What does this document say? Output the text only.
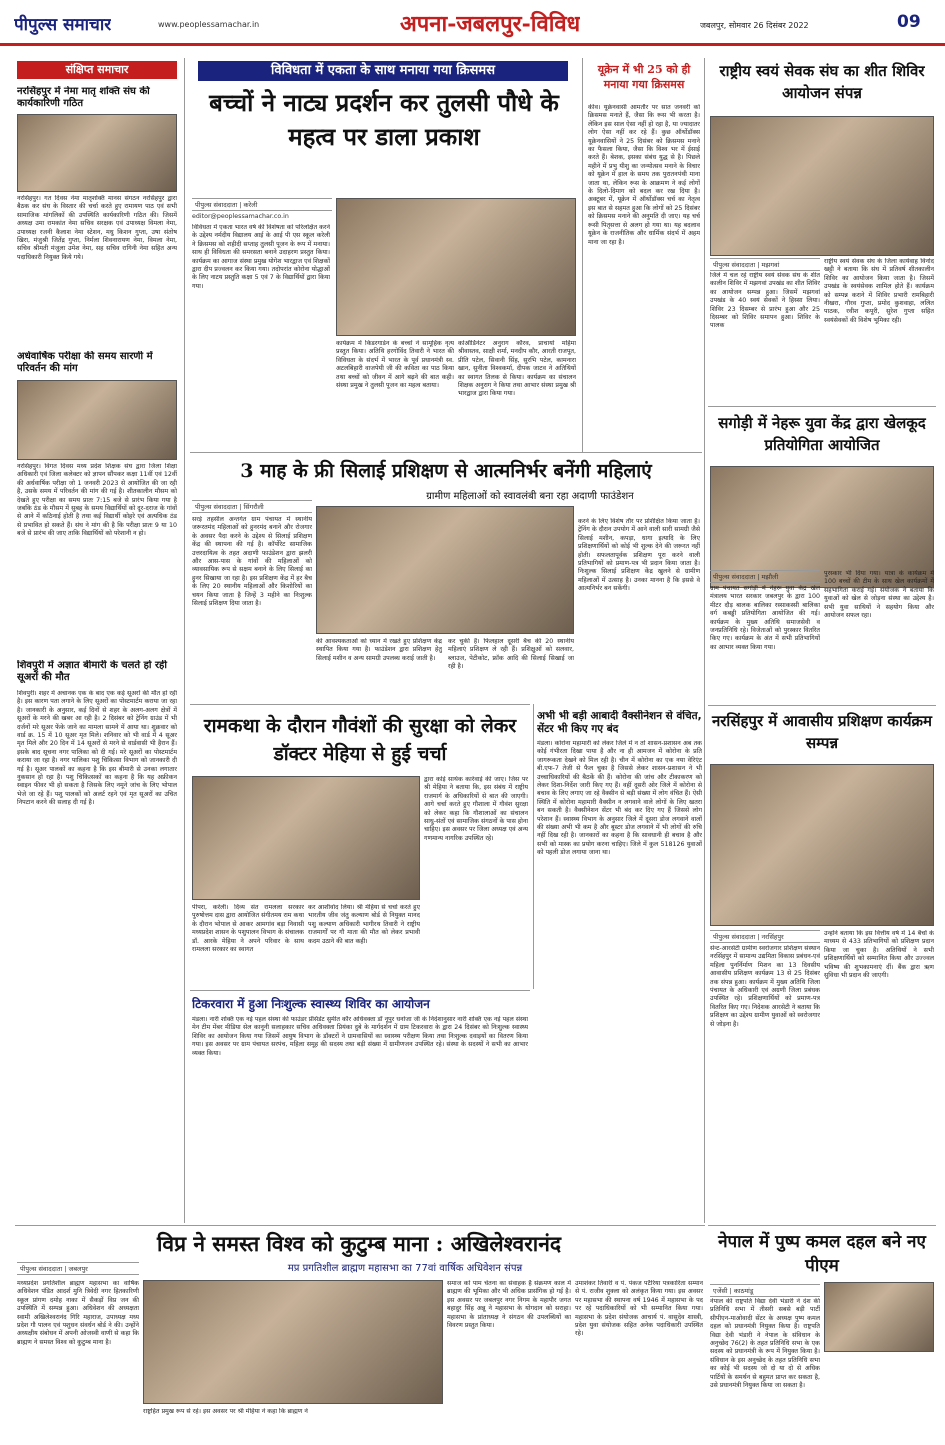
पीपुल्स समाचार	www.peoplessamachar.in	अपना-जबलपुर-विविध	जबलपुर, सोमवार 26 दिसंबर 2022	09
संक्षिप्त समाचार
नरसिंहपुर में नेमा मातृ शक्ति संघ की कार्यकारिणी गठित
नरसिंहपुर। गत दिवस नेमा मातृशक्ति मानस संगठन नरसिंहपुर द्वारा बैठक कर संघ के विस्तार की चर्चा करते हुए रामायण पाठ एवं सभी सामाजिक मांगलिकों की उपस्थिति कार्यकारिणी गठित की। जिसमें अध्यक्ष उमा रामकांत नेमा सचिव सरक्षक एवं उपाध्यक्ष विमला नेमा, उपाध्यक्ष रजनी कैलाश नेमा स्टेशन, मधु किशन गुप्ता, उषा संतोष खिरा, मंजुश्री जितेंद्र गुप्ता, निर्मला शिवनारायण नेमा, विमला नेमा, सचिव श्रीमती मंजुला उमेश नेमा, सह सचिव रागिनी नेमा सहित अन्य पदाधिकारी नियुक्त किये गये।
अर्धवार्षिक परीक्षा की समय सारणी में परिवर्तन की मांग
नरसिंहपुर। विगत दिवस मध्य प्रदेश शिक्षक संघ द्वारा जिला शिक्षा अधिकारी एवं जिला कलेक्टर को ज्ञापन सौंपकर कक्षा 11वीं एवं 12वीं की अर्धवार्षिक परीक्षा जो 1 जनवरी 2023 से आयोजित की जा रही है, उसके समय में परिवर्तन की मांग की गई है। शीतकालीन मौसम को देखते हुए परीक्षा का समय प्रातः 7:15 बजे से प्रारंभ किया गया है जबकि ठंड के मौसम में सुबह के समय विद्यार्थियों को दूर-दराज के गांवों से आने में कठिनाई होती है तथा कई विद्यार्थी कोहरे एवं अत्यधिक ठंड से प्रभावित हो सकते हैं। संघ ने मांग की है कि परीक्षा प्रातः 9 या 10 बजे से प्रारंभ की जाए ताकि विद्यार्थियों को परेशानी न हो।
शिवपुरी में अज्ञात बीमारी के चलते हो रही सूअरों की मौत
शिवपुरी। शहर में अचानक एक के बाद एक कई सूअरों की मौत हो रही है। इस कारण पता लगाने के लिए सूअरों का पोस्टमार्टम कराया जा रहा है। जानकारी के अनुसार, कई दिनों से शहर के अलग-अलग क्षेत्रों में सूअरों के मरने की खबर आ रही है। 2 दिसंबर को ट्रेनिंग ग्राउंड में भी दर्जनों मरे सूअर फेंके जाने का मामला सामने में आया था। शुक्रवार को वार्ड क्र. 15 में 10 सूअर मृत मिले। शनिवार को भी वार्ड में 4 सूअर मृत मिले और 20 दिन में 14 सूअरों से मरने से वार्डवासी भी हैरान हैं। इसके बाद सूचना नगर पालिका को दी गई। मरे सूअरों का पोस्टमार्टम कराया जा रहा है। नगर पालिका पशु चिकित्सा विभाग को जानकारी दी गई है। सूअर पालकों का कहना है कि इस बीमारी से उनका लगातार नुकसान हो रहा है। पशु चिकित्सकों का कहना है कि यह अफ्रीकन स्वाइन फीवर भी हो सकता है जिसके लिए नमूने जांच के लिए भोपाल भेजे जा रहे हैं। पशु पालकों को अलर्ट रहने एवं मृत सूअरों का उचित निपटान करने की सलाह दी गई है।
विविधता में एकता के साथ मनाया गया क्रिसमस
बच्चों ने नाट्य प्रदर्शन कर तुलसी पौधे के महत्व पर डाला प्रकाश
पीपुल्स संवाददाता | करेली
editor@peoplessamachar.co.in
विविधता में एकता भारत वर्ष की विशेषता को परिलक्षित करने के उद्देश्य नर्मदीय विद्यालय आई के आई पी एस स्कूल करेली ने क्रिसमस को शहीदी सप्ताह तुलसी पूजन के रूप में मनाया। साथ ही विविधता की समरसता बनाने उदाहरण प्रस्तुत किया। कार्यक्रम का आगाज संस्था प्रमुख योगेश भारद्वाज एवं शिक्षकों द्वारा दीप प्रज्वलन कर किया गया। तदोपरांत कोरोना योद्धाओं के लिए नाटय प्रस्तुति कक्षा 5 एवं 7 के विद्यार्थियों द्वारा किया गया।
कार्यक्रम में किंडरगार्डन के बच्चों ने सामूहिक नृत्य प्रस्तुत किया। अतिथि हरगोविंद तिवारी ने भारत की विविधता के संदर्भ में भारत के पूर्व प्रधानमंत्री स्व. अटलबिहारी वाजपेयी जी की कविता का पाठ किया तथा बच्चों को जीवन में आगे बढ़ने की बात कही। संस्था प्रमुख ने तुलसी पूजन का महत्व बताया।
कोऑर्डिनेटर अनुराग कौरव, प्राचार्या महिमा श्रीवास्तव, साक्षी शर्मा, मनदीप कौर, आरती राजपूत, प्रीति पटेल, सिवानी सिंह, सुरभि पटेल, कामनारा खान, सुनीता विश्वकर्मा, दीपक जाटव ने अतिथियों का स्वागत तिलक से किया। कार्यक्रम का संचालन शिक्षक अनुराग ने किया तथा आभार संस्था प्रमुख श्री भारद्वाज द्वारा किया गया।
यूक्रेन में भी 25 को ही मनाया गया क्रिसमस
कीव। यूक्रेनवासी आमतौर पर सात जनवरी को क्रिसमस मनाते हैं, जैसा कि रूस भी करता है। लेकिन इस साल ऐसा नहीं हो रहा है, या ज्यादातर लोग ऐसा नहीं कर रहे हैं। कुछ ऑर्थोडॉक्स यूक्रेनवासियों ने 25 दिसंबर को क्रिसमस मनाने का फैसला किया, जैसा कि विश्व भर में ईसाई करते हैं। बेशक, इसका संबंध युद्ध से है। पिछले महीने में प्रभु यीशु का जन्मोत्सव मनाने के विचार को यूक्रेन में हाल के समय तक पुरातनपंथी माना जाता था, लेकिन रूस के आक्रमण ने कई लोगों के दिलो-दिमाग को बदल कर रख दिया है। अक्टूबर में, यूक्रेन में ऑर्थोडॉक्स चर्च का नेतृत्व इस बात से सहमत हुआ कि लोगों को 25 दिसंबर को क्रिसमस मनाने की अनुमति दी जाए। यह चर्च रूसी पितृसत्ता से अलग हो गया था। यह बदलाव यूक्रेन के राजनीतिक और धार्मिक संदर्भ में अहम माना जा रहा है।
राष्ट्रीय स्वयं सेवक संघ का शीत शिविर आयोजन संपन्न
पीपुल्स संवाददाता | मझगवां
जिले में चल रहे राष्ट्रीय स्वयं सेवक संघ के शीत कालीन शिविर में मझगवां उपखंड का शीत शिविर का आयोजन सम्पन्न हुआ। जिसमें मझगवां उपखंड के 40 स्वयं सेवकों ने हिस्सा लिया। शिविर 23 दिसम्बर से प्रारंभ हुआ और 25 दिसम्बर को शिविर समापन हुआ। शिविर के पालक
राष्ट्रीय स्वयं सेवक संघ के जिला कार्यवाह विनोद खट्टी ने बताया कि संघ में प्रतिवर्ष शीतकालीन शिविर का आयोजन किया जाता है। जिसमें उपखंड के स्वयंसेवक शामिल होते हैं। कार्यक्रम को सम्पन्न कराने में शिविर प्रभारी रामबिहारी नीखरा, गौरव गुप्ता, प्रमोद कुशवाहा, ललित पाठक, रवीश कपूरी, सुरेश गुप्ता सहित स्वयंसेवकों की विशेष भूमिका रही।
सगोड़ी में नेहरू युवा केंद्र द्वारा खेलकूद प्रतियोगिता आयोजित
पीपुल्स संवाददाता | मझौली
ग्राम पंचायत सगोड़ी में नेहरू युवा केंद्र खेल मंत्रालय भारत सरकार जबलपुर के द्वारा 100 मीटर दौड़ बालक बालिका रस्साकस्सी बालिका वर्ग कबड्डी प्रतियोगिता आयोजित की गई। कार्यक्रम के मुख्य अतिथि समाजसेवी व जनप्रतिनिधि रहे। विजेताओं को पुरस्कार वितरित किए गए। कार्यक्रम के अंत में सभी प्रतिभागियों का आभार व्यक्त किया गया।
पुरस्कार भी दिया गया। यात्रा के कार्यक्रम में 100 बच्चों की टीम के साथ खेल कार्यक्रमों में सहभागिता कराई गई। संयोजक ने बताया कि युवाओं को खेल से जोड़ना संस्था का उद्देश्य है। सभी युवा साथियों ने सहयोग किया और आयोजन सफल रहा।
नरसिंहपुर में आवासीय प्रशिक्षण कार्यक्रम सम्पन्न
पीपुल्स संवाददाता | नरसिंहपुर
सेन्ट-आरसेटी ग्रामीण स्वरोजगार प्रशिक्षण संस्थान नरसिंहपुर में सामान्य उद्यमिता विकास प्रबंधन-एवं महिला पुनर्निर्माण मिशन का 13 दिवसीय आवासीय प्रशिक्षण कार्यक्रम 13 से 25 दिसंबर तक संपन्न हुआ। कार्यक्रम में मुख्य अतिथि जिला पंचायत के अधिकारी एवं अग्रणी जिला प्रबंधक उपस्थित रहे। प्रशिक्षणार्थियों को प्रमाण-पत्र वितरित किए गए। निदेशक आरसेटी ने बताया कि प्रशिक्षण का उद्देश्य ग्रामीण युवाओं को स्वरोजगार से जोड़ना है।
उन्होंने बताया कि इस वित्तीय वर्ष में 14 बैचों के माध्यम से 433 प्रतिभागियों को प्रशिक्षण प्रदान किया जा चुका है। अतिथियों ने सभी प्रशिक्षणार्थियों को सम्मानित किया और उज्ज्वल भविष्य की शुभकामनाएं दीं। बैंक द्वारा ऋण सुविधा भी प्रदान की जाएगी।
3 माह के फ्री सिलाई प्रशिक्षण से आत्मनिर्भर बनेंगी महिलाएं
ग्रामीण महिलाओं को स्वावलंबी बना रहा अदाणी फाउंडेशन
पीपुल्स संवाददाता | सिंगरौली
सरई तहसील अन्तर्गत ग्राम पंचायत में स्थानीय जरूरतमंद महिलाओं को हुनरमंद बनाने और रोजगार के अवसर पैदा करने के उद्देश्य से सिलाई प्रशिक्षण केंद्र की स्थापना की गई है। कॉर्पोरेट सामाजिक उत्तरदायित्व के तहत अदाणी फाउंडेशन द्वारा झलरी और आस-पास के गांवों की महिलाओं को व्यावसायिक रूप से सक्षम बनाने के लिए सिलाई का हुनर सिखाया जा रहा है। इस प्रशिक्षण केंद्र में हर बैच के लिए 20 स्थानीय महिलाओं और किशोरियों का चयन किया जाता है जिन्हें 3 महीने का निःशुल्क सिलाई प्रशिक्षण दिया जाता है।
की आवश्यकताओं को ध्यान में रखते हुए प्रशिक्षण केंद्र स्थापित किया गया है। फाउंडेशन द्वारा प्रशिक्षण हेतु सिलाई मशीन व अन्य सामग्री उपलब्ध कराई जाती है।
कर चुकी हैं। फिलहाल दूसरी बैच की 20 स्थानीय महिलाएं प्रशिक्षण ले रही हैं। प्रशिक्षुओं को सलवार, ब्लाउज, पेटीकोट, फ्रॉक आदि की सिलाई सिखाई जा रही है।
करने के लिए विशेष तौर पर प्रशिक्षित किया जाता है। ट्रेनिंग के दौरान उपयोग में आने वाली सारी सामग्री जैसे सिलाई मशीन, कपड़ा, धागा इत्यादि के लिए प्रशिक्षणार्थियों को कोई भी शुल्क देने की जरूरत नहीं होती। सफलतापूर्वक प्रशिक्षण पूरा करने वाली प्रतिभागियों को प्रमाण-पत्र भी प्रदान किया जाता है। निःशुल्क सिलाई प्रशिक्षण केंद्र खुलने से ग्रामीण महिलाओं में उत्साह है। उनका मानना है कि इससे वे आत्मनिर्भर बन सकेंगी।
रामकथा के दौरान गौवंशों की सुरक्षा को लेकर डॉक्टर मेहिया से हुई चर्चा
पीपरा, करेली। दिव्य संत रामलला सरकार पुरुषोत्तम दास द्वारा आयोजित संगीतमय राम कथा के दौरान भोपाल से आकर आमगांव बड़ा निवासी मध्यप्रदेश शासन के पशुपालन विभाग के संचालक डॉ. आरके मेहिया ने अपने परिवार के साथ रामलला सरकार का स्वागत
कर आशीर्वाद लिया। श्री मेहिया से चर्चा करते हुए भारतीय जीव जंतु कल्याण बोर्ड से नियुक्त मानद पशु कल्याण अधिकारी भागीरथ तिवारी ने राष्ट्रीय राजमार्गों पर गौ माता की मौत को लेकर प्रभावी कदम उठाने की बात कही।
द्वारा कोई सार्थक कार्रवाई की जाए। जिस पर श्री मेहिया ने बताया कि, इस संबंध में राष्ट्रीय राजमार्ग के अधिकारियों से बात की जाएगी। आगे चर्चा करते हुए गौशाला में गौवंश सुरक्षा को लेकर कहा कि गौशालाओं का संचालन साधु-संतों एवं सामाजिक संगठनों के पास होना चाहिए। इस अवसर पर जिला अध्यक्ष एवं अन्य गणमान्य नागरिक उपस्थित रहे।
अभी भी बड़ी आबादी वैक्सीनेशन से वंचित, सेंटर भी किए गए बंद
मंडला। कोरोना महामारी को लेकर जिले में न तो शासन-प्रशासन अब तक कोई गंभीरता दिखा पाया है और ना ही आमजन में कोरोना के प्रति जागरूकता देखने को मिल रही है। चीन में कोरोना का एक नया वेरिएंट बी.एफ-7 तेजी से फैल चुका है जिससे लेकर शासन-प्रशासन ने भी उच्चाधिकारियों की बैठकें की हैं। कोरोना की जांच और टीकाकरण को लेकर दिशा-निर्देश जारी किए गए हैं। वहीं दूसरी ओर जिले में कोरोना से बचाव के लिए लगाए जा रहे वैक्सीन से बड़ी संख्या में लोग वंचित हैं। ऐसी स्थिति में कोरोना महामारी वैक्सीन न लगवाने वाले लोगों के लिए खतरा बन सकती है। वैक्सीनेशन सेंटर भी बंद कर दिए गए हैं जिससे लोग परेशान हैं। स्वास्थ्य विभाग के अनुसार जिले में दूसरा डोज लगवाने वालों की संख्या अभी भी कम है और बूस्टर डोज लगवाने में भी लोगों की रुचि नहीं दिख रही है। जानकारों का कहना है कि सावधानी ही बचाव है और सभी को मास्क का प्रयोग करना चाहिए। जिले में कुल 518126 युवाओं को पहली डोज लगाया जाना था।
टिकरवारा में हुआ निःशुल्क स्वास्थ्य शिविर का आयोजन
मंडला। नारी शक्ति एक नई पहल संस्था की फाउंडर प्रेसिडेंट सुमीत कौर अधिवक्ता डॉ नूपुर धनोजा जी के निर्देशानुसार नारी शक्ति एक नई पहल संस्था मेन टीम मेंबर मीडिया सेल कानूनी सलाहकार सचिव अधिवक्ता प्रियंका दुबे के मार्गदर्शन में ग्राम टिकरवारा के द्वारा 24 दिसंबर को निःशुल्क स्वास्थ्य शिविर का आयोजन किया गया जिसमें आयुष विभाग के डॉक्टरों ने ग्रामवासियों का स्वास्थ्य परीक्षण किया तथा निःशुल्क दवाइयों का वितरण किया गया। इस अवसर पर ग्राम पंचायत सरपंच, महिला समूह की सदस्य तथा बड़ी संख्या में ग्रामीणजन उपस्थित रहे। संस्था के सदस्यों ने सभी का आभार व्यक्त किया।
विप्र ने समस्त विश्व को कुटुम्ब माना : अखिलेश्वरानंद
पीपुल्स संवाददाता | जबलपुर	मप्र प्रगतिशील ब्राह्मण महासभा का 77वां वार्षिक अधिवेशन संपन्न
मध्यप्रदेश प्रगतिशील ब्राह्मण महासभा का वार्षिक अधिवेशन पंडित आदर्श मुनि त्रिवेदी नगर हितकारिणी स्कूल प्रांगण दमोह नाका में सैकड़ों विप्र जन की उपस्थिति में सम्पन्न हुआ। अधिवेशन की अध्यक्षता स्वामी अखिलेश्वरानंद गिरि महाराज, उपाध्यक्ष मध्य प्रदेश गौ पालन एवं पशुधन संवर्धन बोर्ड ने की। उन्होंने अध्यक्षीय संबोधन में अपनी ओजस्वी वाणी से कहा कि ब्राह्मण ने समस्त विश्व को कुटुम्ब माना है।
राष्ट्रहित प्रमुख रूप से रहे। इस अवसर पर श्री मेहिया ने कहा कि ब्राह्मण ने
समाज को पाम चेतना का संवाहक है संक्रमण काल में ब्राह्मण की भूमिका और भी अधिक प्रासंगिक हो गई है। इस अवसर पर जबलपुर नगर निगम के महापौर जगत बहादुर सिंह अन्नू ने महासभा के योगदान को सराहा। महासभा के प्रांताध्यक्ष ने संगठन की उपलब्धियों का विवरण प्रस्तुत किया।
उमाशंकर तिवारी व पं. पंकज पटैरिया पत्रकारिता सम्मान से पं. राजीव शुक्ला को अलंकृत किया गया। इस अवसर पर महासभा की स्थापना वर्ष 1946 में महासभा के पद पर रहे पदाधिकारियों को भी सम्मानित किया गया। महासभा के प्रदेश संयोजक आचार्य पं. वासुदेव शास्त्री, प्रदेश युवा संयोजक सहित अनेक पदाधिकारी उपस्थित रहे।
नेपाल में पुष्प कमल दहल बने नए पीएम
एजेंसी | काठमांडू
नेपाल की राष्ट्रपति विद्या देवी भंडारी ने देश की प्रतिनिधि सभा में तीसरी सबसे बड़ी पार्टी सीपीएन-माओवादी सेंटर के अध्यक्ष पुष्प कमल दहल को प्रधानमंत्री नियुक्त किया है। राष्ट्रपति विद्या देवी भंडारी ने नेपाल के संविधान के अनुच्छेद 76(2) के तहत प्रतिनिधि सभा के एक सदस्य को प्रधानमंत्री के रूप में नियुक्त किया है। संविधान के इस अनुच्छेद के तहत प्रतिनिधि सभा का कोई भी सदस्य जो दो या दो से अधिक पार्टियों के समर्थन से बहुमत प्राप्त कर सकता है, उसे प्रधानमंत्री नियुक्त किया जा सकता है।
